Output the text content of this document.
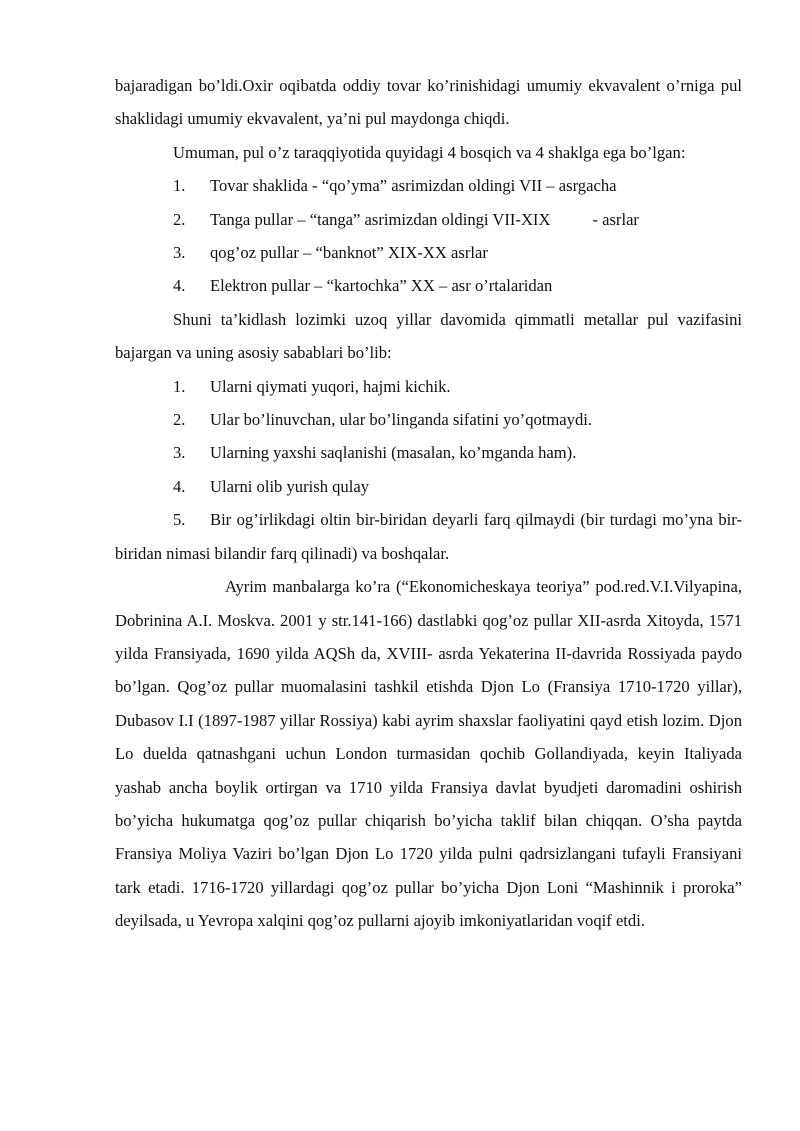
bajaradigan bo’ldi.Oxir oqibatda oddiy tovar ko’rinishidagi umumiy ekvavalent o’rniga pul shaklidagi umumiy ekvavalent, ya’ni pul maydonga chiqdi.

Umuman, pul o’z taraqqiyotida quyidagi 4 bosqich va 4 shaklga ega bo’lgan:

1.	Tovar shaklida - “qo’yma” asrimizdan oldingi VII – asrgacha
2.	Tanga pullar – “tanga” asrimizdan oldingi VII-XIX	- asrlar
3.	qog’oz pullar – “banknot” XIX-XX asrlar
4.	Elektron pullar – “kartochka” XX – asr o’rtalaridan

Shuni ta’kidlash lozimki uzoq yillar davomida qimmatli metallar pul vazifasini bajargan va uning asosiy sabablari bo’lib:

1.	Ularni qiymati yuqori, hajmi kichik.
2.	Ular bo’linuvchan, ular bo’linganda sifatini yo’qotmaydi.
3.	Ularning yaxshi saqlanishi (masalan, ko’mganda ham).
4.	Ularni olib yurish qulay

5. Bir og’irlikdagi oltin bir-biridan deyarli farq qilmaydi (bir turdagi mo’yna bir-biridan nimasi bilandir farq qilinadi) va boshqalar.

Ayrim manbalarga ko’ra (“Ekonomicheskaya teoriya” pod.red.V.I.Vilyapina, Dobrinina A.I. Moskva. 2001 y str.141-166) dastlabki qog’oz pullar XII-asrda Xitoyda, 1571 yilda Fransiyada, 1690 yilda AQSh da, XVIII- asrda Yekaterina II-davrida Rossiyada paydo bo’lgan. Qog’oz pullar muomalasini tashkil etishda Djon Lo (Fransiya 1710-1720 yillar), Dubasov I.I (1897-1987 yillar Rossiya) kabi ayrim shaxslar faoliyatini qayd etish lozim. Djon Lo duelda qatnashgani uchun London turmasidan qochib Gollandiyada, keyin Italiyada yashab ancha boylik ortirgan va 1710 yilda Fransiya davlat byudjeti daromadini oshirish bo’yicha hukumatga qog’oz pullar chiqarish bo’yicha taklif bilan chiqqan. O’sha paytda Fransiya Moliya Vaziri bo’lgan Djon Lo 1720 yilda pulni qadrsizlangani tufayli Fransiyani tark etadi. 1716-1720 yillardagi qog’oz pullar bo’yicha Djon Loni “Mashinnik i proroka” deyilsada, u Yevropa xalqini qog’oz pullarni ajoyib imkoniyatlaridan voqif etdi.
